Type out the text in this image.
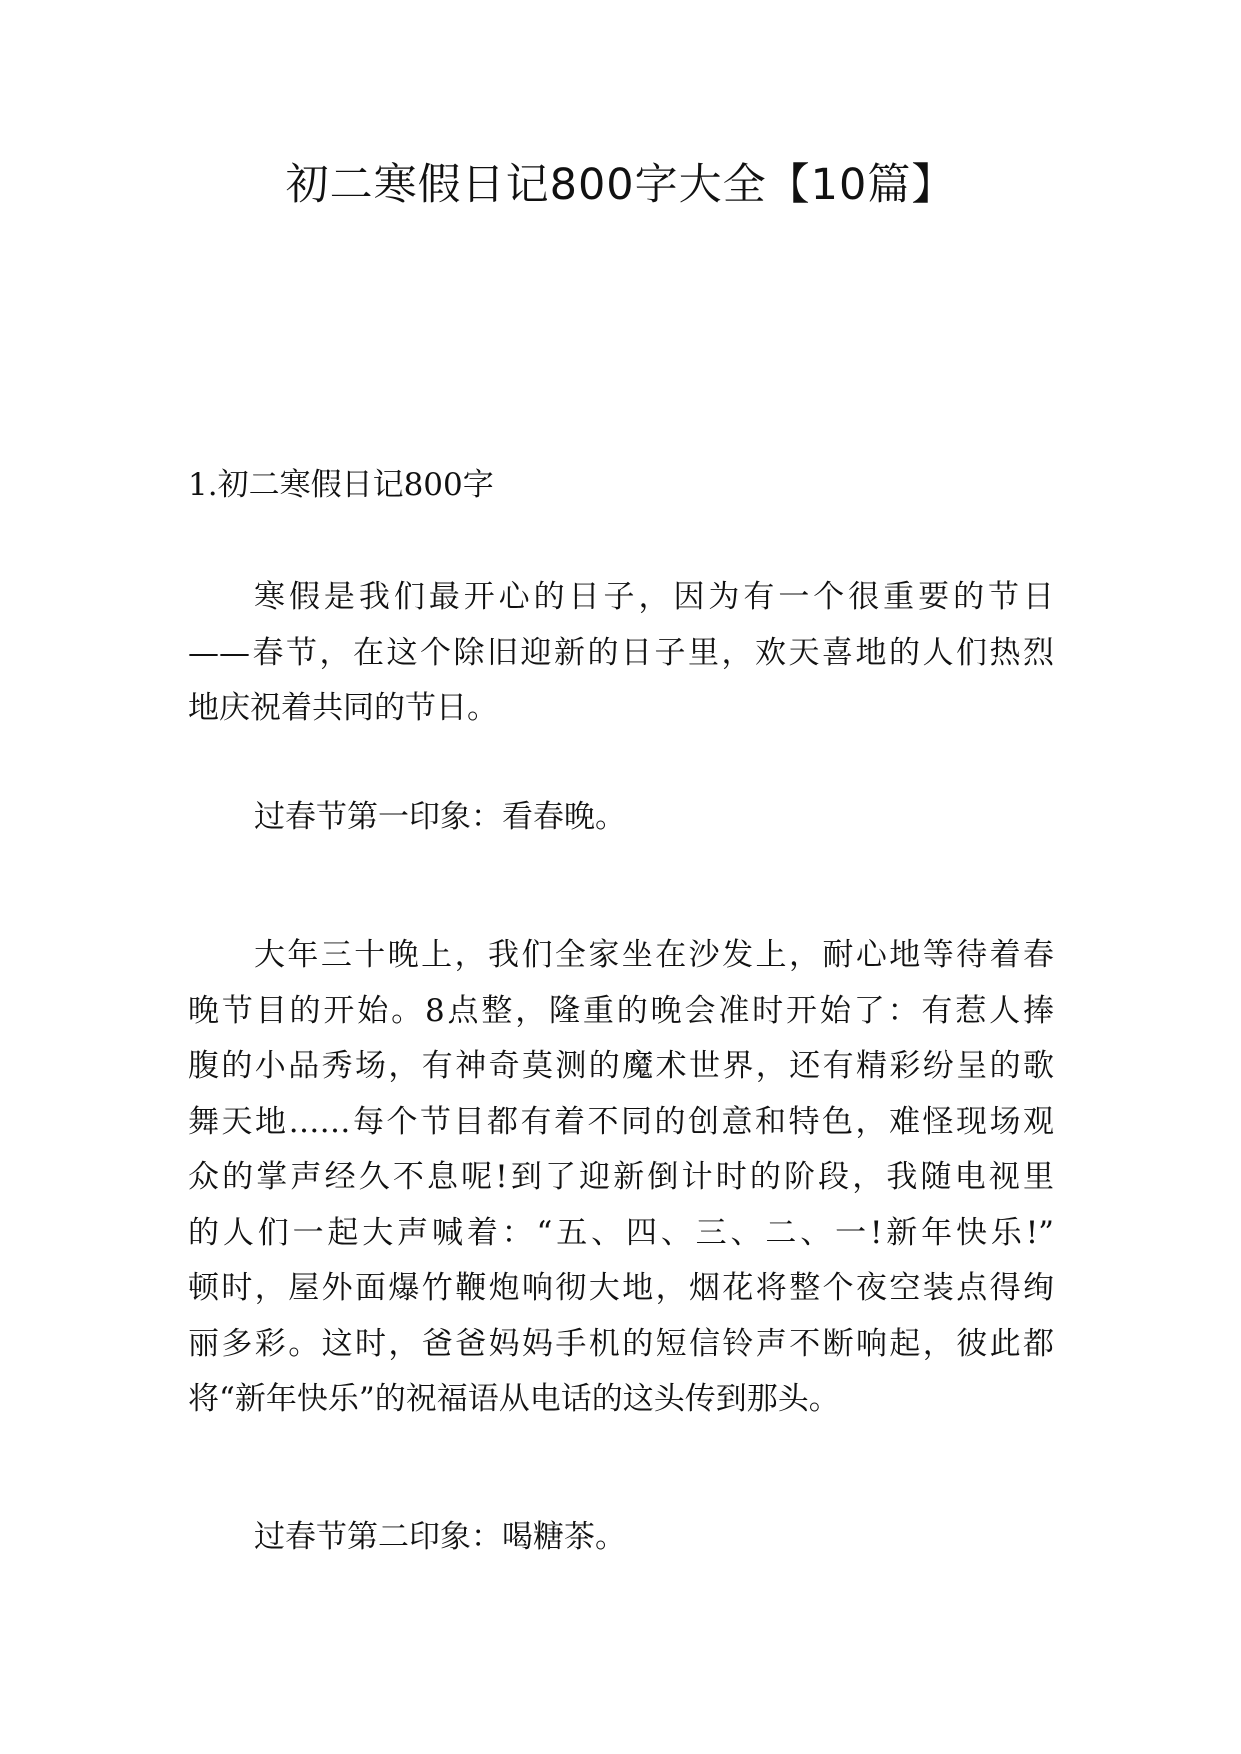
初二寒假日记800字大全【10篇】
1.初二寒假日记800字
寒假是我们最开心的日子，因为有一个很重要的节日
——春节，在这个除旧迎新的日子里，欢天喜地的人们热烈
地庆祝着共同的节日。
过春节第一印象：看春晚。
大年三十晚上，我们全家坐在沙发上，耐心地等待着春
晚节目的开始。8点整，隆重的晚会准时开始了：有惹人捧
腹的小品秀场，有神奇莫测的魔术世界，还有精彩纷呈的歌
舞天地……每个节目都有着不同的创意和特色，难怪现场观
众的掌声经久不息呢!到了迎新倒计时的阶段，我随电视里
的人们一起大声喊着：“五、四、三、二、一!新年快乐!”
顿时，屋外面爆竹鞭炮响彻大地，烟花将整个夜空装点得绚
丽多彩。这时，爸爸妈妈手机的短信铃声不断响起，彼此都
将“新年快乐”的祝福语从电话的这头传到那头。
过春节第二印象：喝糖茶。
